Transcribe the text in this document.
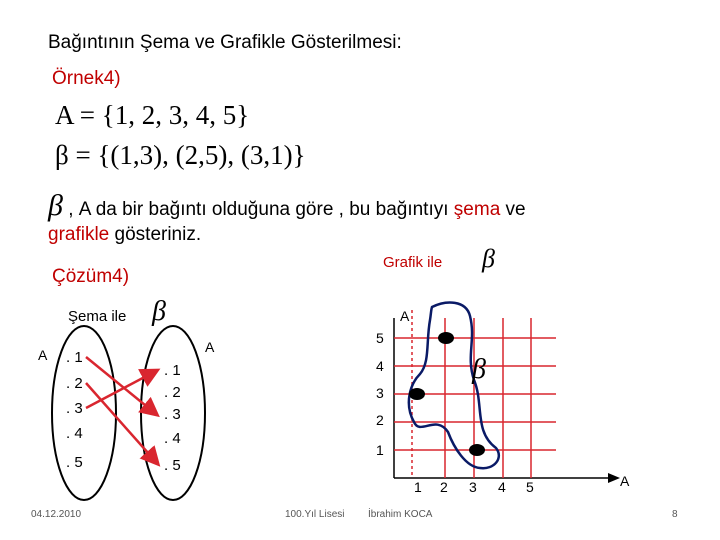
Bağıntının Şema ve Grafikle Gösterilmesi:
Örnek4)
A = {1, 2, 3, 4, 5}
β = {(1,3), (2,5), (3,1)}
β , A da bir bağıntı olduğuna göre , bu bağıntıyı şema ve
grafikle gösteriniz.
Çözüm4)
Şema ile β
Grafik ile β
A	A
. 1
. 2
. 3
. 4
. 5
. 1
. 2
. 3
. 4
. 5
A
A
5
4
3
2
1
1 2 3 4 5
β
04.12.2010	100.Yıl Lisesi İbrahim KOCA	8
